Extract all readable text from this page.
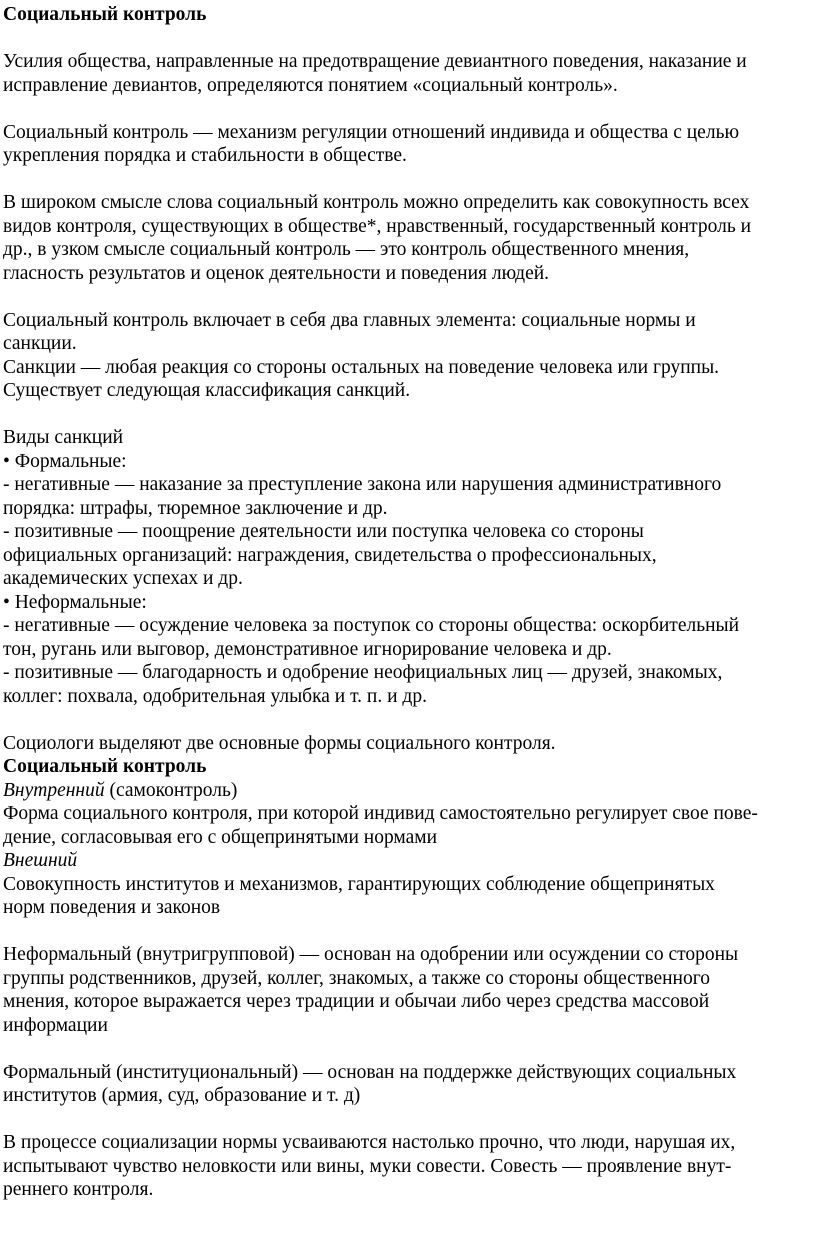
Социальный контроль
Усилия общества, направленные на предотвращение девиантного поведения, наказание и
исправление девиантов, определяются понятием «социальный контроль».
Социальный контроль — механизм регуляции отношений индивида и общества с целью
укрепления порядка и стабильности в обществе.
В широком смысле слова социальный контроль можно определить как совокупность всех
видов контроля, существующих в обществе*, нравственный, государственный контроль и
др., в узком смысле социальный контроль — это контроль общественного мнения,
гласность результатов и оценок деятельности и поведения людей.
Социальный контроль включает в себя два главных элемента: социальные нормы и
санкции.
Санкции — любая реакция со стороны остальных на поведение человека или группы.
Существует следующая классификация санкций.
Виды санкций
• Формальные:
- негативные — наказание за преступление закона или нарушения административного
порядка: штрафы, тюремное заключение и др.
- позитивные — поощрение деятельности или поступка человека со стороны
официальных организаций: награждения, свидетельства о профессиональных,
академических успехах и др.
• Неформальные:
- негативные — осуждение человека за поступок со стороны общества: оскорбительный
тон, ругань или выговор, демонстративное игнорирование человека и др.
- позитивные — благодарность и одобрение неофициальных лиц — друзей, знакомых,
коллег: похвала, одобрительная улыбка и т. п. и др.
Социологи выделяют две основные формы социального контроля.
Социальный контроль
Внутренний (самоконтроль)
Форма социального контроля, при которой индивид самостоятельно регулирует свое пове-
дение, согласовывая его с общепринятыми нормами
Внешний
Совокупность институтов и механизмов, гарантирующих соблюдение общепринятых
норм поведения и законов
Неформальный (внутригрупповой) — основан на одобрении или осуждении со стороны
группы родственников, друзей, коллег, знакомых, а также со стороны общественного
мнения, которое выражается через традиции и обычаи либо через средства массовой
информации
Формальный (институциональный) — основан на поддержке действующих социальных
институтов (армия, суд, образование и т. д)
В процессе социализации нормы усваиваются настолько прочно, что люди, нарушая их,
испытывают чувство неловкости или вины, муки совести. Совесть — проявление внут-
реннего контроля.
